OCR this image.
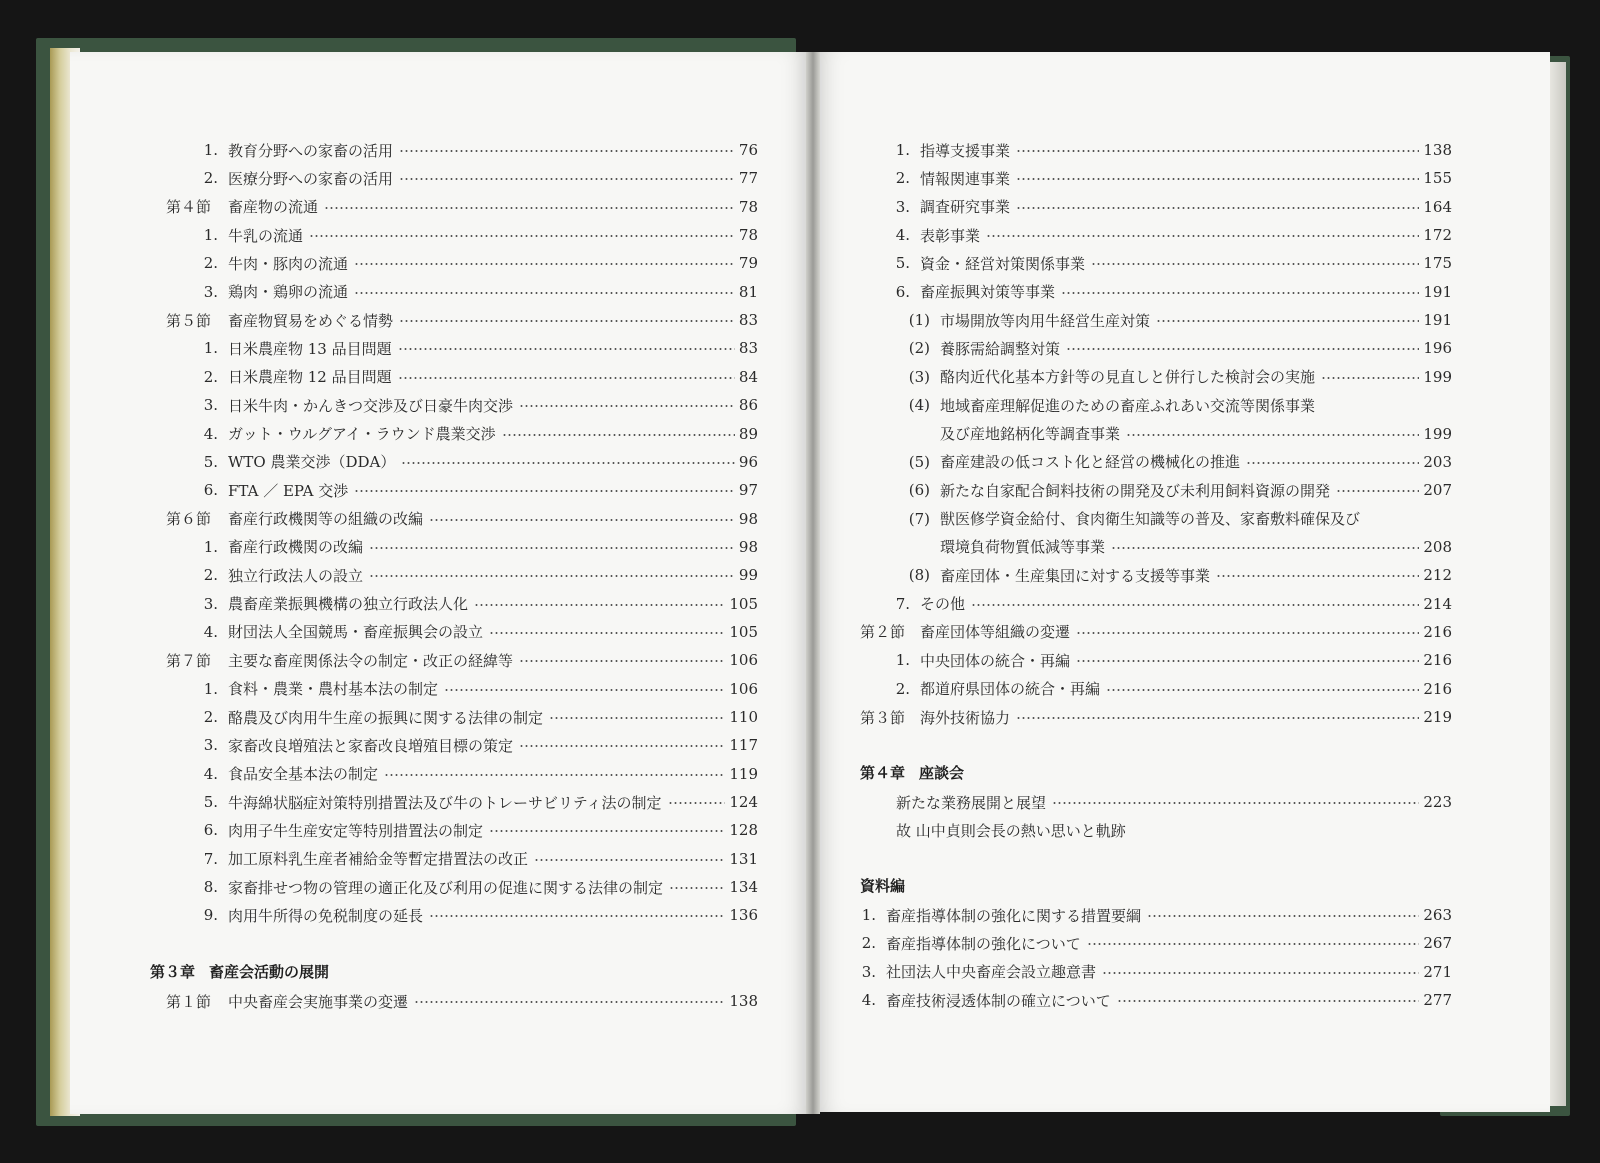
1. 教育分野への家畜の活用	76
2. 医療分野への家畜の活用	77
第４節	畜産物の流通	78
1. 牛乳の流通	78
2. 牛肉・豚肉の流通	79
3. 鶏肉・鶏卵の流通	81
第５節	畜産物貿易をめぐる情勢	83
1. 日米農産物 13 品目問題	83
2. 日米農産物 12 品目問題	84
3. 日米牛肉・かんきつ交渉及び日豪牛肉交渉	86
4. ガット・ウルグアイ・ラウンド農業交渉	89
5. WTO 農業交渉（DDA）	96
6. FTA ／ EPA 交渉	97
第６節	畜産行政機関等の組織の改編	98
1. 畜産行政機関の改編	98
2. 独立行政法人の設立	99
3. 農畜産業振興機構の独立行政法人化	105
4. 財団法人全国競馬・畜産振興会の設立	105
第７節	主要な畜産関係法令の制定・改正の経緯等	106
1. 食料・農業・農村基本法の制定	106
2. 酪農及び肉用牛生産の振興に関する法律の制定	110
3. 家畜改良増殖法と家畜改良増殖目標の策定	117
4. 食品安全基本法の制定	119
5. 牛海綿状脳症対策特別措置法及び牛のトレーサビリティ法の制定	124
6. 肉用子牛生産安定等特別措置法の制定	128
7. 加工原料乳生産者補給金等暫定措置法の改正	131
8. 家畜排せつ物の管理の適正化及び利用の促進に関する法律の制定	134
9. 肉用牛所得の免税制度の延長	136
第１節	中央畜産会実施事業の変遷	138
1. 指導支援事業	138
2. 情報関連事業	155
3. 調査研究事業	164
4. 表彰事業	172
5. 資金・経営対策関係事業	175
6. 畜産振興対策等事業	191
(1) 市場開放等肉用牛経営生産対策	191
(2) 養豚需給調整対策	196
(3) 酪肉近代化基本方針等の見直しと併行した検討会の実施	199
(4) 地域畜産理解促進のための畜産ふれあい交流等関係事業
及び産地銘柄化等調査事業	199
(5) 畜産建設の低コスト化と経営の機械化の推進	203
(6) 新たな自家配合飼料技術の開発及び未利用飼料資源の開発	207
(7) 獣医修学資金給付、食肉衛生知識等の普及、家畜敷料確保及び
環境負荷物質低減等事業	208
(8) 畜産団体・生産集団に対する支援等事業	212
7. その他	214
第２節 畜産団体等組織の変遷	216
1. 中央団体の統合・再編	216
2. 都道府県団体の統合・再編	216
第３節 海外技術協力	219
新たな業務展開と展望	223
故 山中貞則会長の熱い思いと軌跡
1. 畜産指導体制の強化に関する措置要綱	263
2. 畜産指導体制の強化について	267
3. 社団法人中央畜産会設立趣意書	271
4. 畜産技術浸透体制の確立について	277
第３章 畜産会活動の展開
第４章 座談会
資料編
